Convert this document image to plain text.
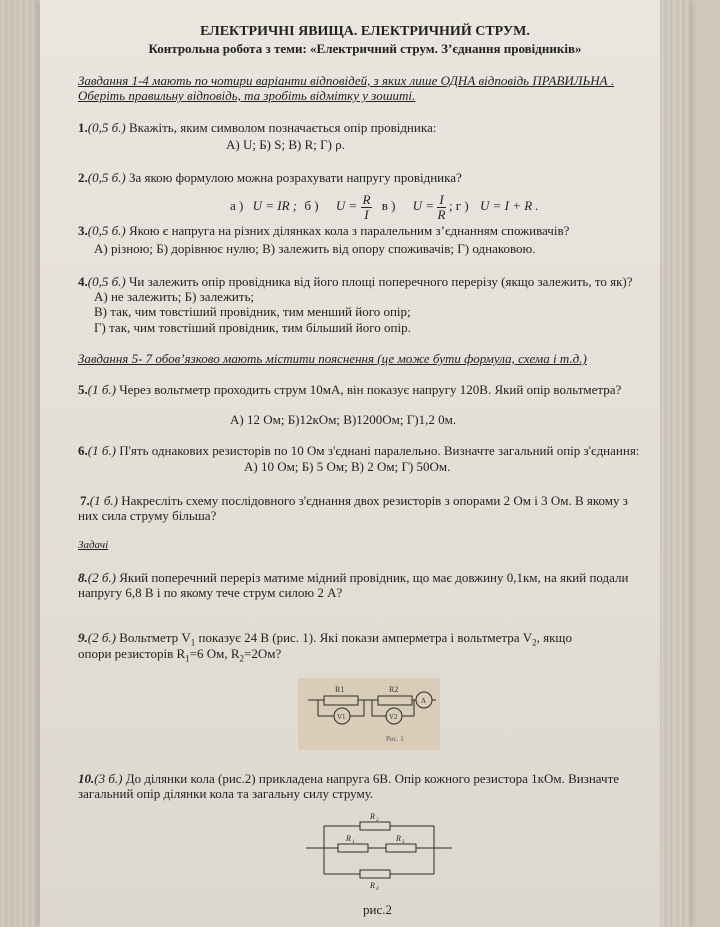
ЕЛЕКТРИЧНІ ЯВИЩА. ЕЛЕКТРИЧНИЙ СТРУМ.
Контрольна робота з теми: «Електричний струм. З’єднання провідників»
Завдання 1-4 мають по чотири варіанти відповідей, з яких лише ОДНА відповідь ПРАВИЛЬНА .
Оберіть правильну відповідь, та зробіть відмітку у зошиті.
1.(0,5 б.) Вкажіть, яким символом позначається опір провідника:
А) U; Б) S; В) R; Г) ρ.
2.(0,5 б.) За якою формулою можна розрахувати напругу провідника?
а ) U = IR ; б ) $U = \frac{R}{I}$ в ) $U = \frac{I}{R}$ ; г ) U = I + R .
3.(0,5 б.) Якою є напруга на різних ділянках кола з паралельним з’єднанням споживачів?
А) різною; Б) дорівнює нулю; В) залежить від опору споживачів; Г) однаковою.
4.(0,5 б.) Чи залежить опір провідника від його площі поперечного перерізу (якщо залежить, то як)?
А) не залежить; Б) залежить;
В) так, чим товстіший провідник, тим менший його опір;
Г) так, чим товстіший провідник, тим більший його опір.
Завдання 5- 7 обов’язково мають містити пояснення (це може бути формула, схема і т.д.)
5.(1 б.) Через вольтметр проходить струм 10мА, він показує напругу 120В. Який опір вольтметра?
А) 12 Ом; Б)12кОм; В)1200Ом; Г)1,2 0м.
6.(1 б.) П'ять однакових резисторів по 10 Ом з'єднані паралельно. Визначте загальний опір з'єднання:
А) 10 Ом; Б) 5 Ом; В) 2 Ом; Г) 50Ом.
7.(1 б.) Накресліть схему послідовного з'єднання двох резисторів з опорами 2 Ом і 3 Ом. В якому з
них сила струму більша?
Задачі
8.(2 б.) Який поперечний переріз матиме мідний провідник, що має довжину 0,1км, на який подали
напругу 6,8 В і по якому тече струм силою 2 А?
9.(2 б.) Вольтметр $V_1$ показує 24 В (рис. 1). Які покази амперметра і вольтметра $V_2$, якщо
опори резисторів $R_1=6$ Ом, $R_2=2Ом$?
R1	R2
V1	V2
A
Рис. 1
10.(3 б.) До ділянки кола (рис.2) прикладена напруга 6В. Опір кожного резистора 1кОм. Визначте
загальний опір ділянки кола та загальну силу струму.
R 2
R 1	R 3
R 4
рис.2
